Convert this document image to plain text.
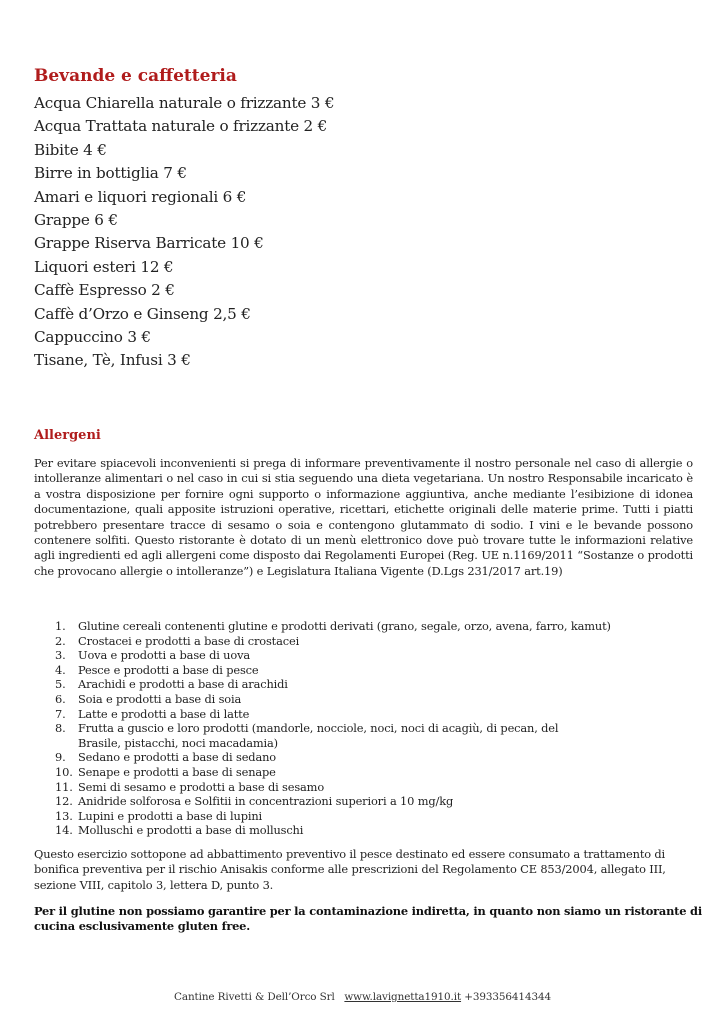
Bevande e caffetteria
Acqua Chiarella naturale o frizzante 3 €
Acqua Trattata naturale o frizzante 2 €
Bibite 4 €
Birre in bottiglia 7 €
Amari e liquori regionali 6 €
Grappe 6 €
Grappe Riserva Barricate 10 €
Liquori esteri 12 €
Caffè Espresso 2 €
Caffè d’Orzo e Ginseng 2,5 €
Cappuccino 3 €
Tisane, Tè, Infusi 3 €
Allergeni

Per evitare spiacevoli inconvenienti si prega di informare preventivamente il nostro personale nel caso di allergie o intolleranze alimentari o nel caso in cui si stia seguendo una dieta vegetariana. Un nostro Responsabile incaricato è a vostra disposizione per fornire ogni supporto o informazione aggiuntiva, anche mediante l’esibizione di idonea documentazione, quali apposite istruzioni operative, ricettari, etichette originali delle materie prime. Tutti i piatti potrebbero presentare tracce di sesamo o soia e contengono glutammato di sodio. I vini e le bevande possono contenere solfiti. Questo ristorante è dotato di un menù elettronico dove può trovare tutte le informazioni relative agli ingredienti ed agli allergeni come disposto dai Regolamenti Europei (Reg. UE n.1169/2011 “Sostanze o prodotti che provocano allergie o intolleranze”) e Legislatura Italiana Vigente (D.Lgs 231/2017 art.19)

1.	Glutine cereali contenenti glutine e prodotti derivati (grano, segale, orzo, avena, farro, kamut)
2.	Crostacei e prodotti a base di crostacei
3.	Uova e prodotti a base di uova
4.	Pesce e prodotti a base di pesce
5.	Arachidi e prodotti a base di arachidi
6.	Soia e prodotti a base di soia
7.	Latte e prodotti a base di latte
8.	Frutta a guscio e loro prodotti (mandorle, nocciole, noci, noci di acagiù, di pecan, del Brasile, pistacchi, noci macadamia)
9.	Sedano e prodotti a base di sedano
10. Senape e prodotti a base di senape
11. Semi di sesamo e prodotti a base di sesamo
12. Anidride solforosa e Solfitii in concentrazioni superiori a 10 mg/kg
13. Lupini e prodotti a base di lupini
14. Molluschi e prodotti a base di molluschi

Questo esercizio sottopone ad abbattimento preventivo il pesce destinato ed essere consumato a trattamento di bonifica preventiva per il rischio Anisakis conforme alle prescrizioni del Regolamento CE 853/2004, allegato III, sezione VIII, capitolo 3, lettera D, punto 3.

Per il glutine non possiamo garantire per la contaminazione indiretta, in quanto non siamo un ristorante di cucina esclusivamente gluten free.

Cantine Rivetti & Dell’Orco Srl www.lavignetta1910.it +393356414344
